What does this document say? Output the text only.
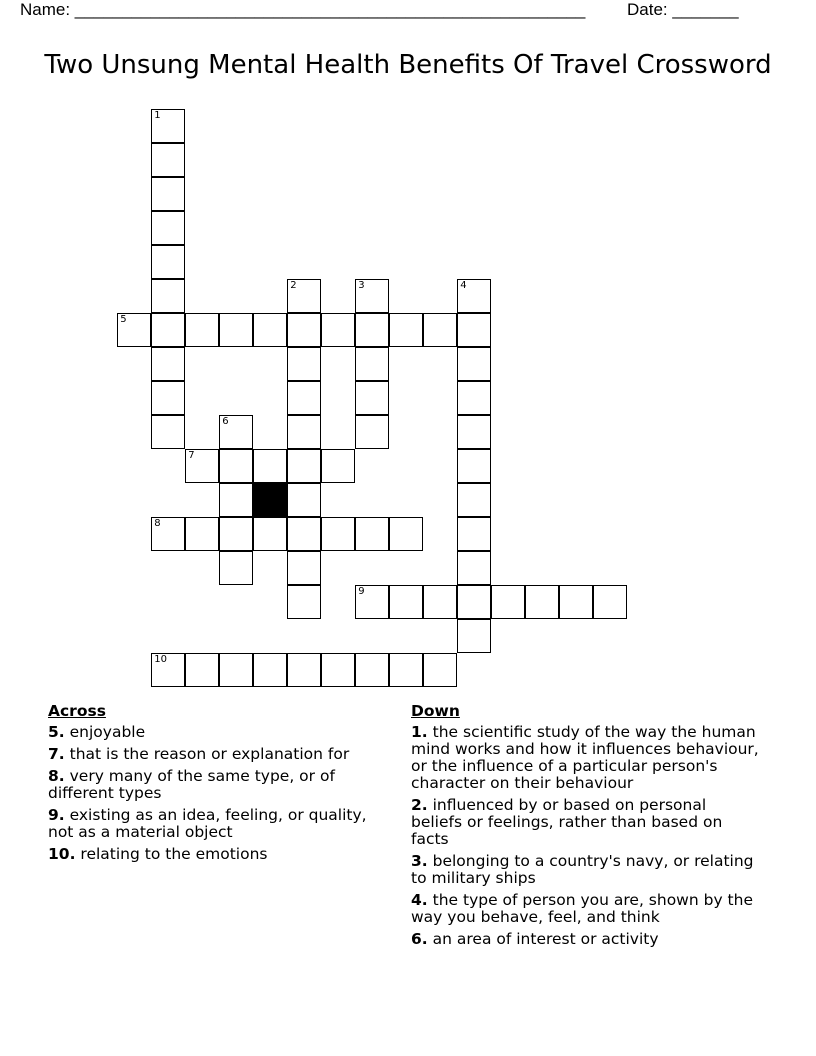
Name: ______________________________________________________ Date: _______
Two Unsung Mental Health Benefits Of Travel Crossword
1
2	3	4
5
6
7
8
9
10
Across
5. enjoyable
7. that is the reason or explanation for
8. very many of the same type, or of different types
9. existing as an idea, feeling, or quality, not as a material object
10. relating to the emotions
Down
1. the scientific study of the way the human mind works and how it influences behaviour, or the influence of a particular person's character on their behaviour
2. influenced by or based on personal beliefs or feelings, rather than based on facts
3. belonging to a country's navy, or relating to military ships
4. the type of person you are, shown by the way you behave, feel, and think
6. an area of interest or activity
